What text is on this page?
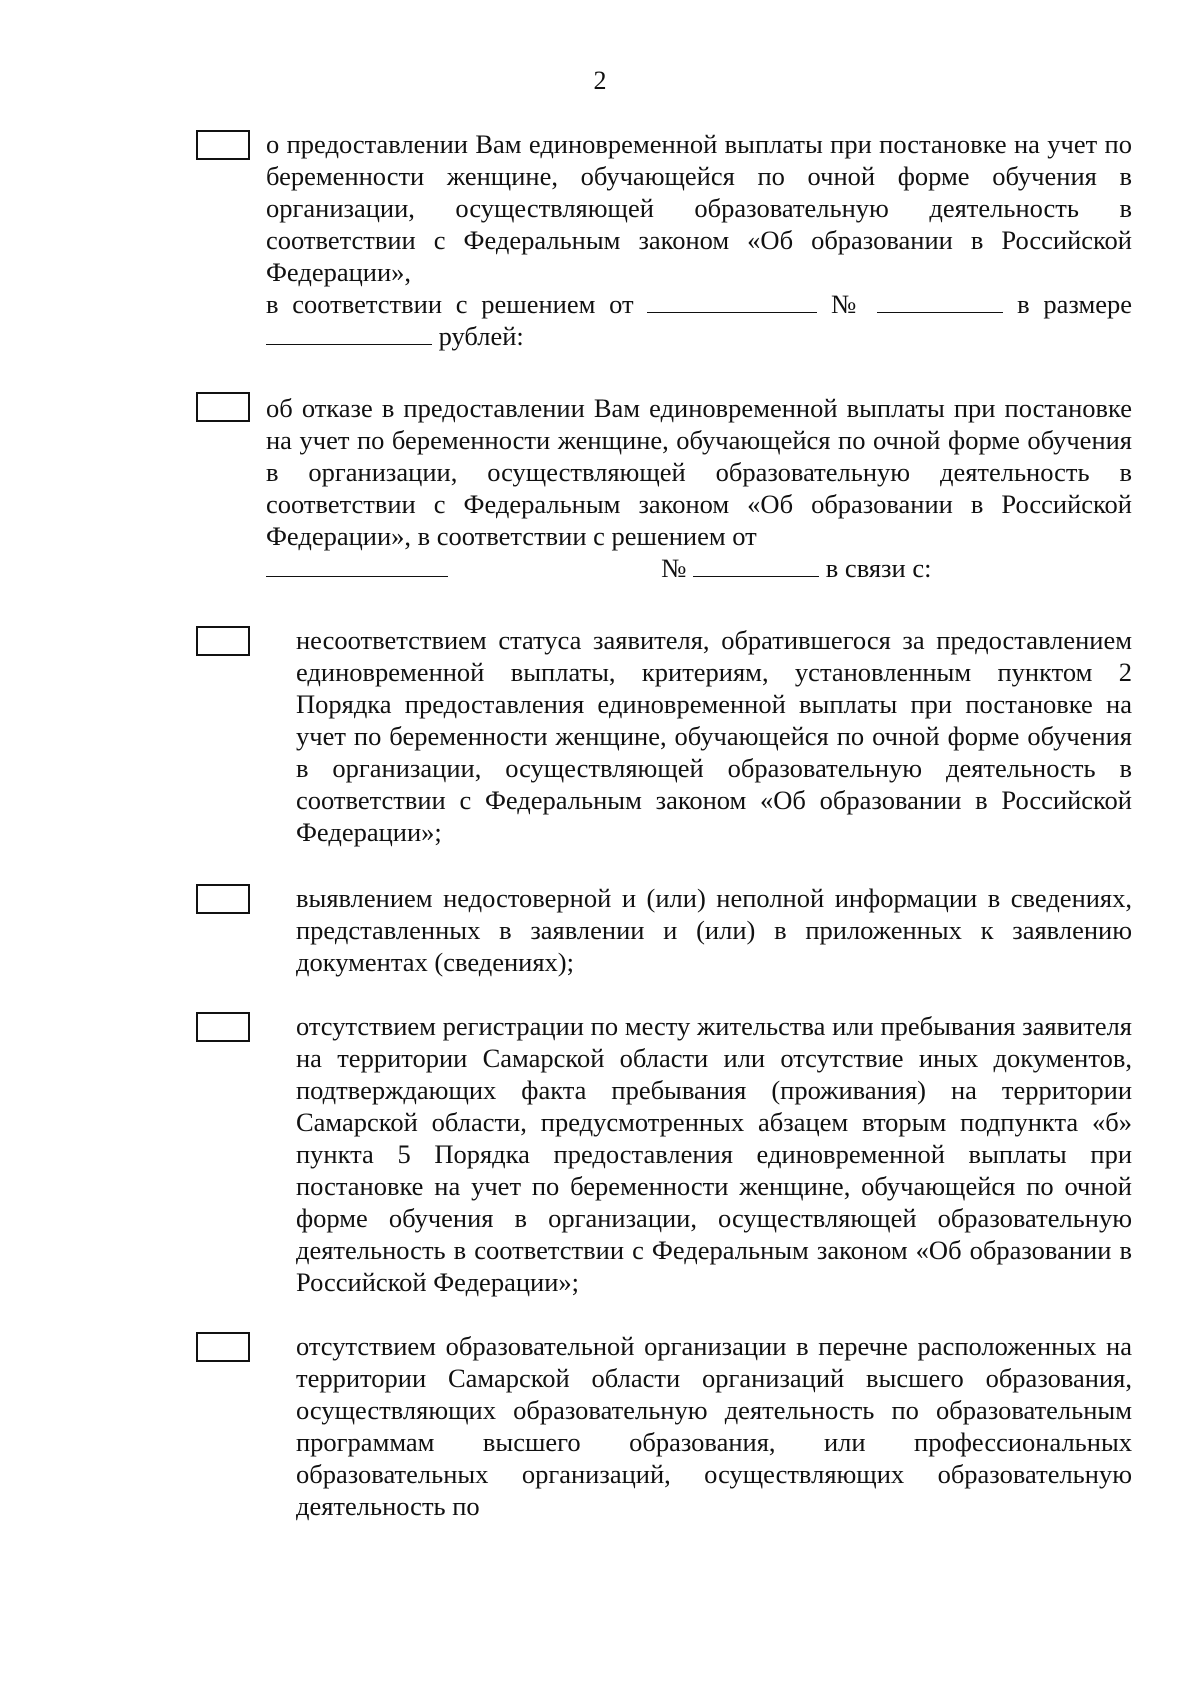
2
о предоставлении Вам единовременной выплаты при постановке на учет по беременности женщине, обучающейся по очной форме обучения в организации, осуществляющей образовательную деятельность в соответствии с Федеральным законом «Об образовании в Российской Федерации»,
в соответствии с решением от	№	в размере
рублей:
об отказе в предоставлении Вам единовременной выплаты при постановке на учет по беременности женщине, обучающейся по очной форме обучения в организации, осуществляющей образовательную деятельность в соответствии с Федеральным законом «Об образовании в Российской Федерации», в соответствии с решением от
№	в связи с:
несоответствием статуса заявителя, обратившегося за предоставлением единовременной выплаты, критериям, установленным пунктом 2 Порядка предоставления единовременной выплаты при постановке на учет по беременности женщине, обучающейся по очной форме обучения в организации, осуществляющей образовательную деятельность в соответствии с Федеральным законом «Об образовании в Российской Федерации»;
выявлением недостоверной и (или) неполной информации в сведениях, представленных в заявлении и (или) в приложенных к заявлению документах (сведениях);
отсутствием регистрации по месту жительства или пребывания заявителя на территории Самарской области или отсутствие иных документов, подтверждающих факта пребывания (проживания) на территории Самарской области, предусмотренных абзацем вторым подпункта «б» пункта 5 Порядка предоставления единовременной выплаты при постановке на учет по беременности женщине, обучающейся по очной форме обучения в организации, осуществляющей образовательную деятельность в соответствии с Федеральным законом «Об образовании в Российской Федерации»;
отсутствием образовательной организации в перечне расположенных на территории Самарской области организаций высшего образования, осуществляющих образовательную деятельность по образовательным программам высшего образования, или профессиональных образовательных организаций, осуществляющих образовательную деятельность по
